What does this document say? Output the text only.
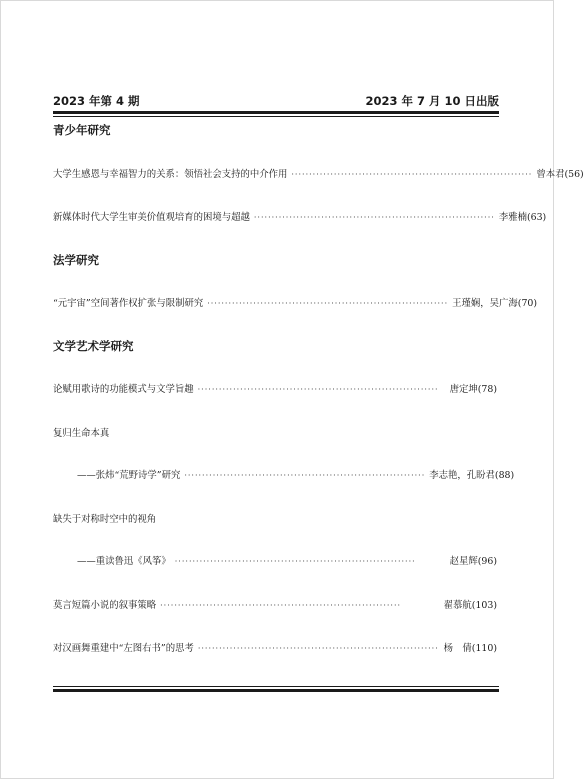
2023 年第 4 期	2023 年 7 月 10 日出版
青少年研究
大学生感恩与幸福智力的关系：领悟社会支持的中介作用 ···································································· 曾本君 (56)
新媒体时代大学生审美价值观培育的困境与超越 ···································································· 李雅楠 (63)
法学研究
“元宇宙”空间著作权扩张与限制研究 ···································································· 王瑾娴，吴广海 (70)
文学艺术学研究
论赋用歌诗的功能模式与文学旨趣 ····································································	唐定坤 (78)
复归生命本真
——张炜“荒野诗学”研究 ···································································· 李志艳，孔盼君 (88)
缺失于对称时空中的视角
——重读鲁迅《风筝》 ····································································	赵星辉 (96)
莫言短篇小说的叙事策略 ····································································	翟慕航 (103)
对汉画舞重建中“左图右书”的思考 ···································································· 杨　倩 (110)
